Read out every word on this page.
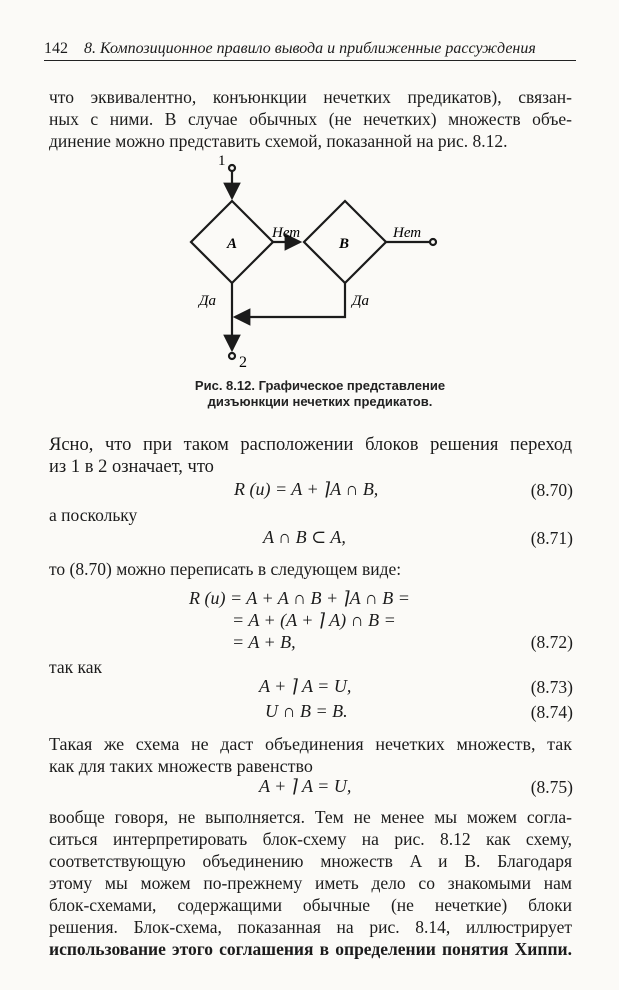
142 8. Композиционное правило вывода и приближенные рассуждения
что эквивалентно, конъюнкции нечетких предикатов), связан-
ных с ними. В случае обычных (не нечетких) множеств объе-
динение можно представить схемой, показанной на рис. 8.12.
1
2
A	B
Нет	Нет
Да	Да
Рис. 8.12. Графическое представление
дизъюнкции нечетких предикатов.
Ясно, что при таком расположении блоков решения переход
из 1 в 2 означает, что
R (u) = A + ⌉A ∩ B,	(8.70)
а поскольку
A ∩ B ⊂ A,	(8.71)
то (8.70) можно переписать в следующем виде:
R (u) = A + A ∩ B + ⌉A ∩ B =
= A + (A + ⌉ A) ∩ B =
= A + B,	(8.72)
так как
A + ⌉ A = U,	(8.73)
U ∩ B = B.	(8.74)
Такая же схема не даст объединения нечетких множеств, так
как для таких множеств равенство
A + ⌉ A = U,	(8.75)
вообще говоря, не выполняется. Тем не менее мы можем согла-
ситься интерпретировать блок-схему на рис. 8.12 как схему,
соответствующую объединению множеств A и B. Благодаря
этому мы можем по-прежнему иметь дело со знакомыми нам
блок-схемами, содержащими обычные (не нечеткие) блоки
решения. Блок-схема, показанная на рис. 8.14, иллюстрирует
использование этого соглашения в определении понятия Хиппи.
